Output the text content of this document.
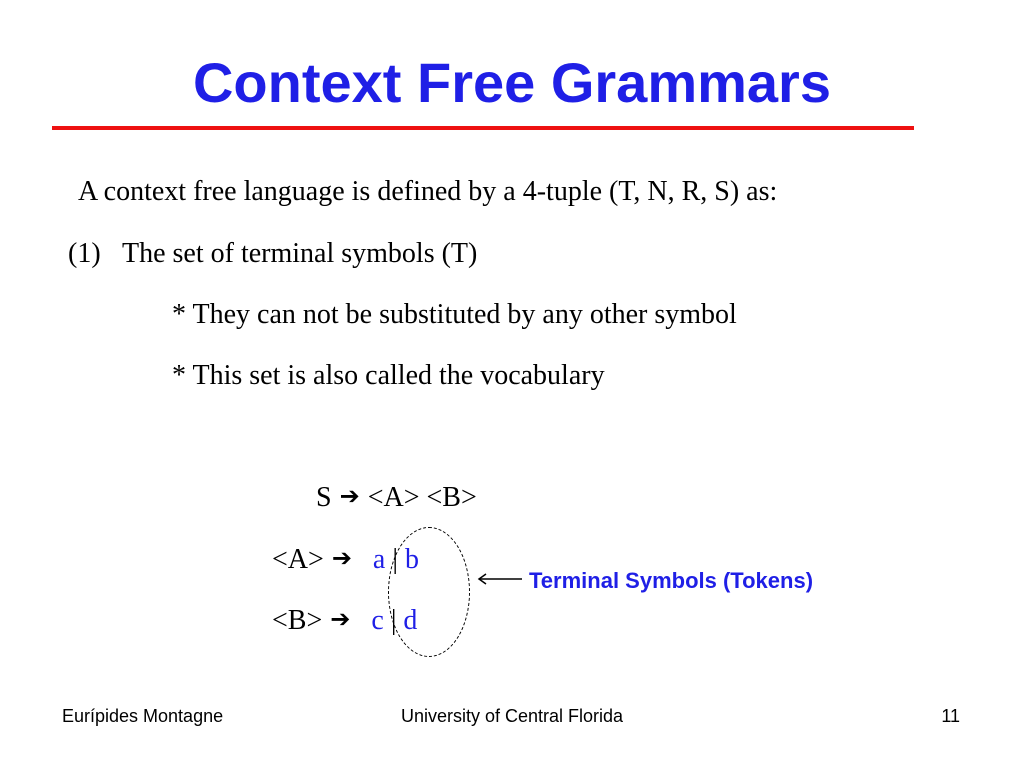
Context Free Grammars
A context free language is defined by a 4-tuple (T, N, R, S) as:
(1) The set of terminal symbols (T)
* They can not be substituted by any other symbol
* This set is also called the vocabulary
S ➔ <A> <B>
<A> ➔ a | b
<B> ➔ c | d
Terminal Symbols (Tokens)
Eurípides Montagne	University of Central Florida	11
